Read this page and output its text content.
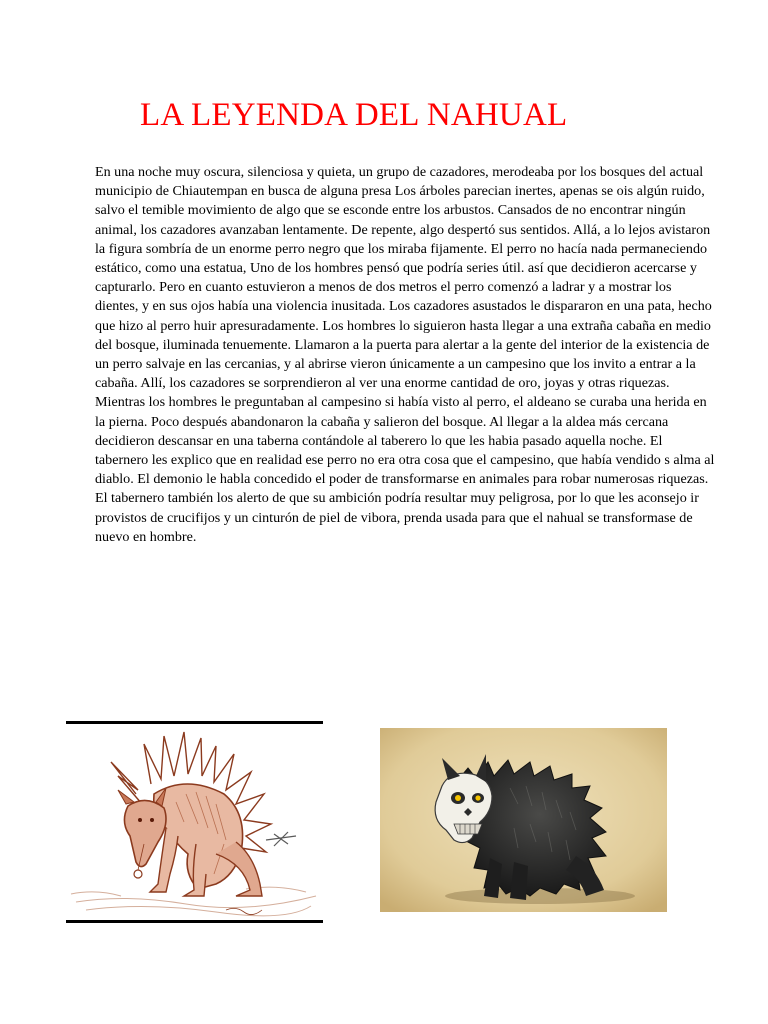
LA LEYENDA DEL NAHUAL

En una noche muy oscura, silenciosa y quieta, un grupo de cazadores, merodeaba por los bosques del actual municipio de Chiautempan en busca de alguna presa Los árboles parecian inertes, apenas se ois algún ruido, salvo el temible movimiento de algo que se esconde entre los arbustos. Cansados de no encontrar ningún animal, los cazadores avanzaban lentamente. De repente, algo despertó sus sentidos. Allá, a lo lejos avistaron la figura sombría de un enorme perro negro que los miraba fijamente. El perro no hacía nada permaneciendo estático, como una estatua, Uno de los hombres pensó que podría series útil. así que decidieron acercarse y capturarlo. Pero en cuanto estuvieron a menos de dos metros el perro comenzó a ladrar y a mostrar los dientes, y en sus ojos había una violencia inusitada. Los cazadores asustados le dispararon en una pata, hecho que hizo al perro huir apresuradamente. Los hombres lo siguieron hasta llegar a una extraña cabaña en medio del bosque, iluminada tenuemente. Llamaron a la puerta para alertar a la gente del interior de la existencia de un perro salvaje en las cercanias, y al abrirse vieron únicamente a un campesino que los invito a entrar a la cabaña. Allí, los cazadores se sorprendieron al ver una enorme cantidad de oro, joyas y otras riquezas. Mientras los hombres le preguntaban al campesino si había visto al perro, el aldeano se curaba una herida en la pierna. Poco después abandonaron la cabaña y salieron del bosque. Al llegar a la aldea más cercana decidieron descansar en una taberna contándole al taberero lo que les habia pasado aquella noche. El tabernero les explico que en realidad ese perro no era otra cosa que el campesino, que había vendido s alma al diablo. El demonio le habla concedido el poder de transformarse en animales para robar numerosas riquezas. El tabernero también los alerto de que su ambición podría resultar muy peligrosa, por lo que les aconsejo ir provistos de crucifijos y un cinturón de piel de vibora, prenda usada para que el nahual se transformase de nuevo en hombre.
